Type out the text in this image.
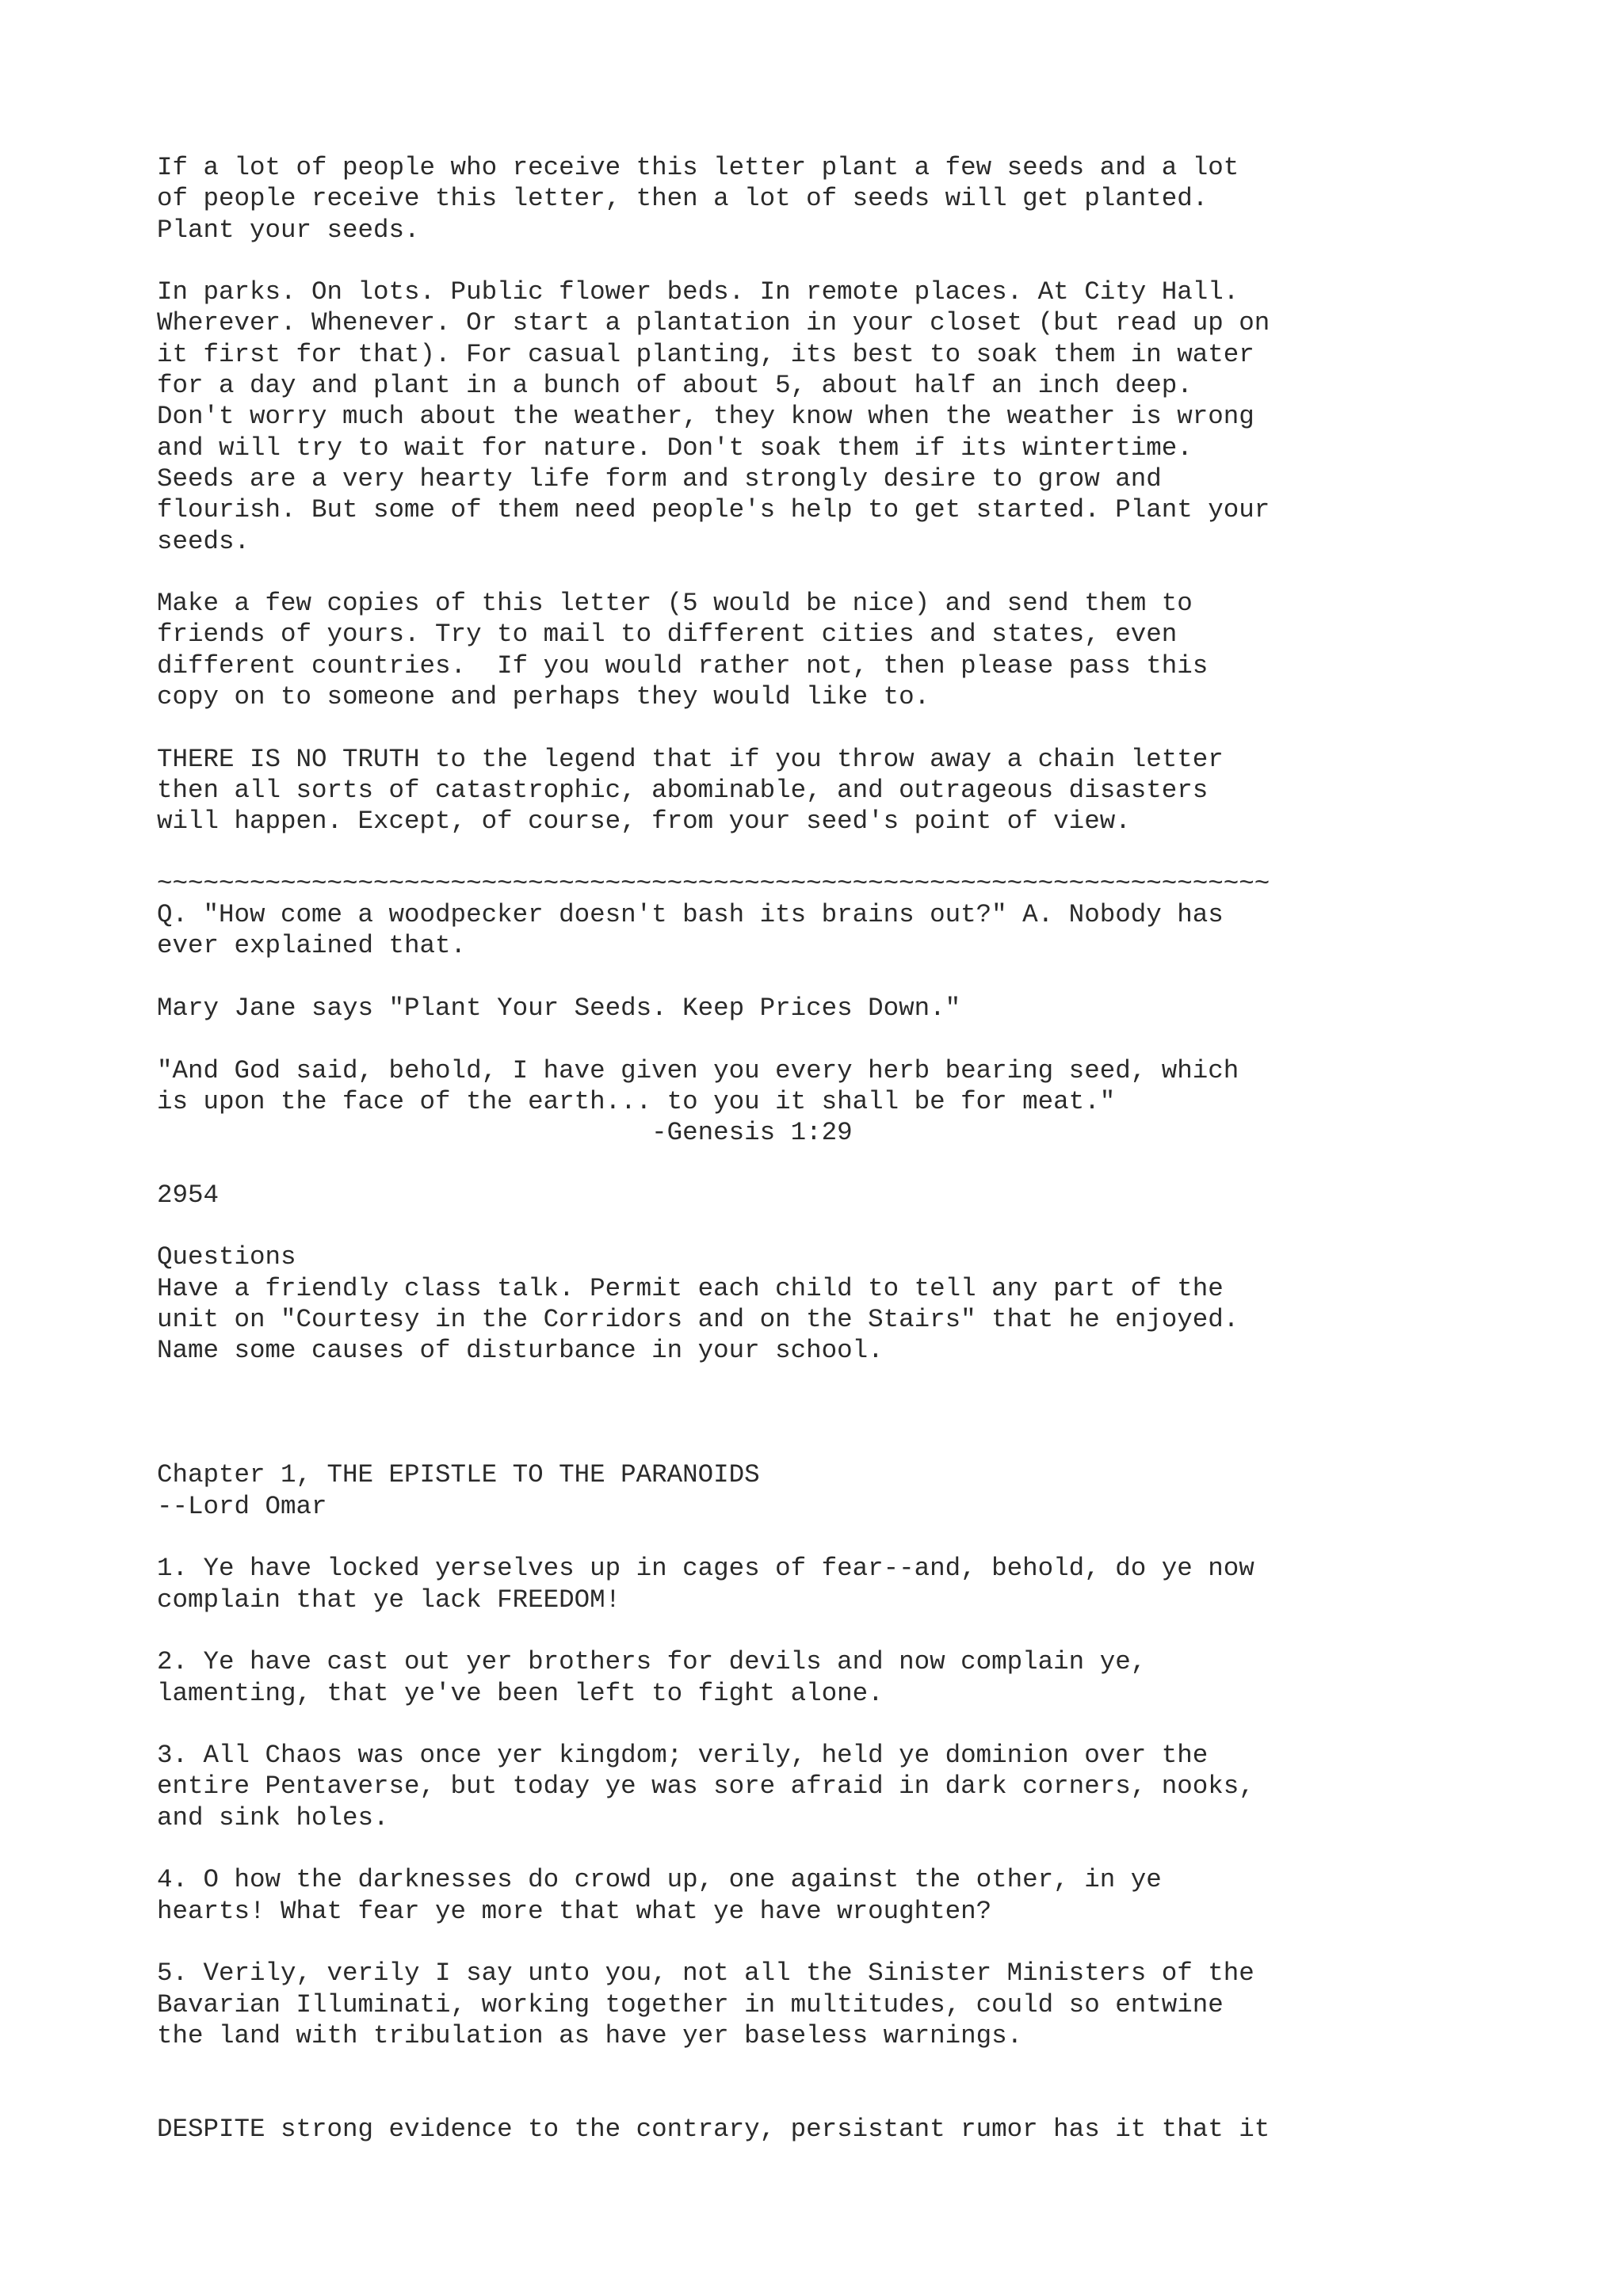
If a lot of people who receive this letter plant a few seeds and a lot
of people receive this letter, then a lot of seeds will get planted.
Plant your seeds.
In parks. On lots. Public flower beds. In remote places. At City Hall.
Wherever. Whenever. Or start a plantation in your closet (but read up on
it first for that). For casual planting, its best to soak them in water
for a day and plant in a bunch of about 5, about half an inch deep.
Don't worry much about the weather, they know when the weather is wrong
and will try to wait for nature. Don't soak them if its wintertime.
Seeds are a very hearty life form and strongly desire to grow and
flourish. But some of them need people's help to get started. Plant your
seeds.
Make a few copies of this letter (5 would be nice) and send them to
friends of yours. Try to mail to different cities and states, even
different countries.  If you would rather not, then please pass this
copy on to someone and perhaps they would like to.
THERE IS NO TRUTH to the legend that if you throw away a chain letter
then all sorts of catastrophic, abominable, and outrageous disasters
will happen. Except, of course, from your seed's point of view.
~~~~~~~~~~~~~~~~~~~~~~~~~~~~~~~~~~~~~~~~~~~~~~~~~~~~~~~~~~~~~~~~~~~~~~~~
Q. "How come a woodpecker doesn't bash its brains out?" A. Nobody has
ever explained that.
Mary Jane says "Plant Your Seeds. Keep Prices Down."
"And God said, behold, I have given you every herb bearing seed, which
is upon the face of the earth... to you it shall be for meat."
-Genesis 1:29
2954
Questions
Have a friendly class talk. Permit each child to tell any part of the
unit on "Courtesy in the Corridors and on the Stairs" that he enjoyed.
Name some causes of disturbance in your school.
Chapter 1, THE EPISTLE TO THE PARANOIDS
--Lord Omar
1. Ye have locked yerselves up in cages of fear--and, behold, do ye now
complain that ye lack FREEDOM!
2. Ye have cast out yer brothers for devils and now complain ye,
lamenting, that ye've been left to fight alone.
3. All Chaos was once yer kingdom; verily, held ye dominion over the
entire Pentaverse, but today ye was sore afraid in dark corners, nooks,
and sink holes.
4. O how the darknesses do crowd up, one against the other, in ye
hearts! What fear ye more that what ye have wroughten?
5. Verily, verily I say unto you, not all the Sinister Ministers of the
Bavarian Illuminati, working together in multitudes, could so entwine
the land with tribulation as have yer baseless warnings.
DESPITE strong evidence to the contrary, persistant rumor has it that it
